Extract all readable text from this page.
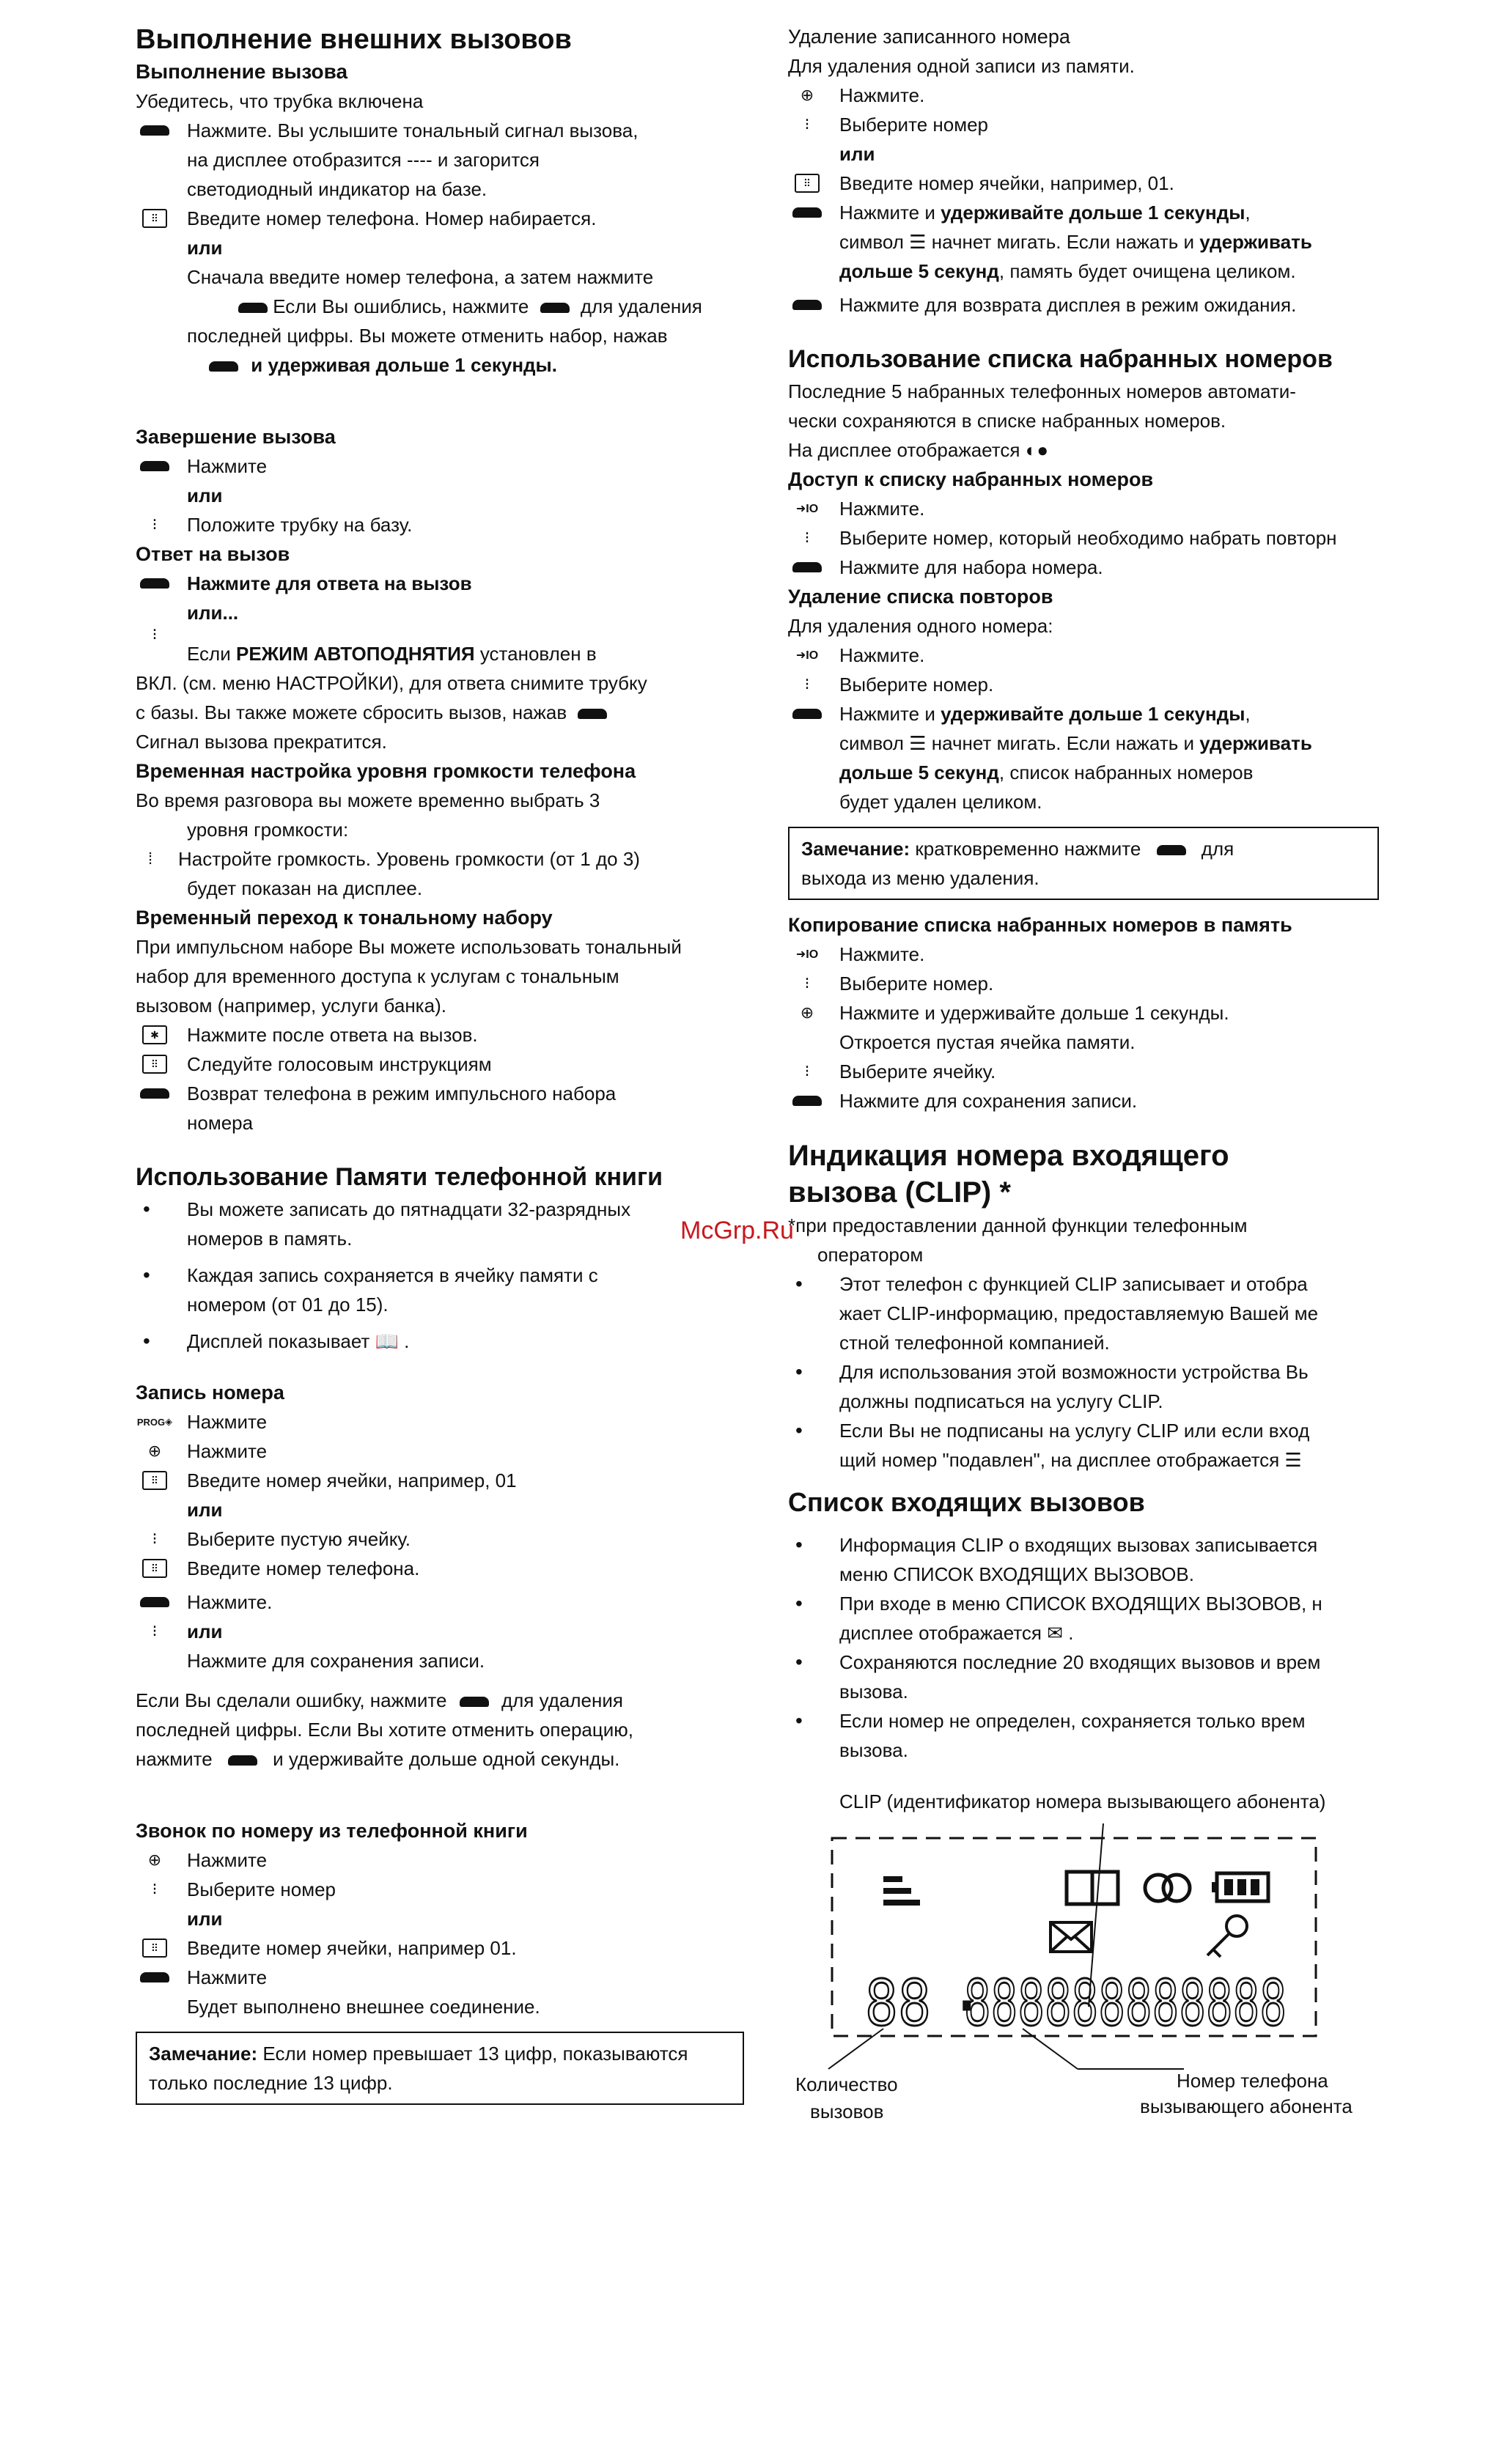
McGrp.Ru

Выполнение внешних вызовов

Выполнение вызова

Убедитесь, что трубка включена

Нажмите. Вы услышите тональный сигнал вызова,

на дисплее отобразится ---- и загорится

светодиодный индикатор на базе.

⠿	Введите номер телефона. Номер набирается.

или

Сначала введите номер телефона, а затем нажмите

Если Вы ошиблись, нажмите	для удаления

последней цифры. Вы можете отменить набор, нажав

и удерживая дольше 1 секунды.

Завершение вызова

Нажмите

или

⁝	Положите трубку на базу.

Ответ на вызов

Нажмите для ответа на вызов

или...

⁝

Если РЕЖИМ АВТОПОДНЯТИЯ установлен в

ВКЛ. (см. меню НАСТРОЙКИ), для ответа снимите трубку

с базы. Вы также можете сбросить вызов, нажав

Сигнал вызова прекратится.

Временная настройка уровня громкости телефона

Во время разговора вы можете временно выбрать 3

уровня громкости:

⁞	Настройте громкость. Уровень громкости (от 1 до 3)

будет показан на дисплее.

Временный переход к тональному набору

При импульсном наборе Вы можете использовать тональный

набор для временного доступа к услугам с тональным

вызовом (например, услуги банка).

✱	Нажмите после ответа на вызов.

⠿	Следуйте голосовым инструкциям

Возврат телефона в режим импульсного набора

номера

Использование Памяти телефонной книги

• Вы можете записать до пятнадцати 32-разрядных
номеров в память.
• Каждая запись сохраняется в ячейку памяти с
номером (от 01 до 15).
• Дисплей показывает 📖 .

Запись номера

PROG ◈ Нажмите

⊕	Нажмите

⠿	Введите номер ячейки, например, 01

или

⁝	Выберите пустую ячейку.

⠿	Введите номер телефона.

Нажмите.

⁝	или

Нажмите для сохранения записи.

Если Вы сделали ошибку, нажмите	для удаления

последней цифры. Если Вы хотите отменить операцию,

нажмите	и удерживайте дольше одной секунды.

Звонок по номеру из телефонной книги

⊕	Нажмите

⁝	Выберите номер

или

⠿	Введите номер ячейки, например 01.

Нажмите

Будет выполнено внешнее соединение.

Замечание: Если номер превышает 13 цифр, показываются
только последние 13 цифр.

Удаление записанного номера

Для удаления одной записи из памяти.

⊕	Нажмите.

⁝	Выберите номер

или

⠿	Введите номер ячейки, например, 01.

Нажмите и удерживайте дольше 1 секунды,

символ ☰ начнет мигать. Если нажать и удерживать

дольше 5 секунд, память будет очищена целиком.

Нажмите для возврата дисплея в режим ожидания.

Использование списка набранных номеров

Последние 5 набранных телефонных номеров автомати-

чески сохраняются в списке набранных номеров.

На дисплее отображается ◐●

Доступ к списку набранных номеров

➜IO	Нажмите.

⁝	Выберите номер, который необходимо набрать повторн

Нажмите для набора номера.

Удаление списка повторов

Для удаления одного номера:

➜IO	Нажмите.

⁝	Выберите номер.

Нажмите и удерживайте дольше 1 секунды,

символ ☰ начнет мигать. Если нажать и удерживать

дольше 5 секунд, список набранных номеров

будет удален целиком.

Замечание: кратковременно нажмите	для
выхода из меню удаления.

Копирование списка набранных номеров в память

➜IO	Нажмите.

⁝	Выберите номер.

⊕	Нажмите и удерживайте дольше 1 секунды.

Откроется пустая ячейка памяти.

⁝	Выберите ячейку.

Нажмите для сохранения записи.

Индикация номера входящего

вызова (CLIP) *

*при предоставлении данной функции телефонным

оператором

• Этот телефон с функцией CLIP записывает и отобра
жает CLIP-информацию, предоставляемую Вашей ме
стной телефонной компанией.
• Для использования этой возможности устройства Вь
должны подписаться на услугу CLIP.
• Если Вы не подписаны на услугу CLIP или если вход
щий номер "подавлен", на дисплее отображается ☰

Список входящих вызовов

• Информация CLIP о входящих вызовах записывается
меню СПИСОК ВХОДЯЩИХ ВЫЗОВОВ.
• При входе в меню СПИСОК ВХОДЯЩИХ ВЫЗОВОВ, н
дисплее отображается ✉ .
• Сохраняются последние 20 входящих вызовов и врем
вызова.
• Если номер не определен, сохраняется только врем
вызова.

CLIP (идентификатор номера вызывающего абонента)

88 ·
888888888888
Количество
вызовов
Номер телефона
вызывающего абонента
